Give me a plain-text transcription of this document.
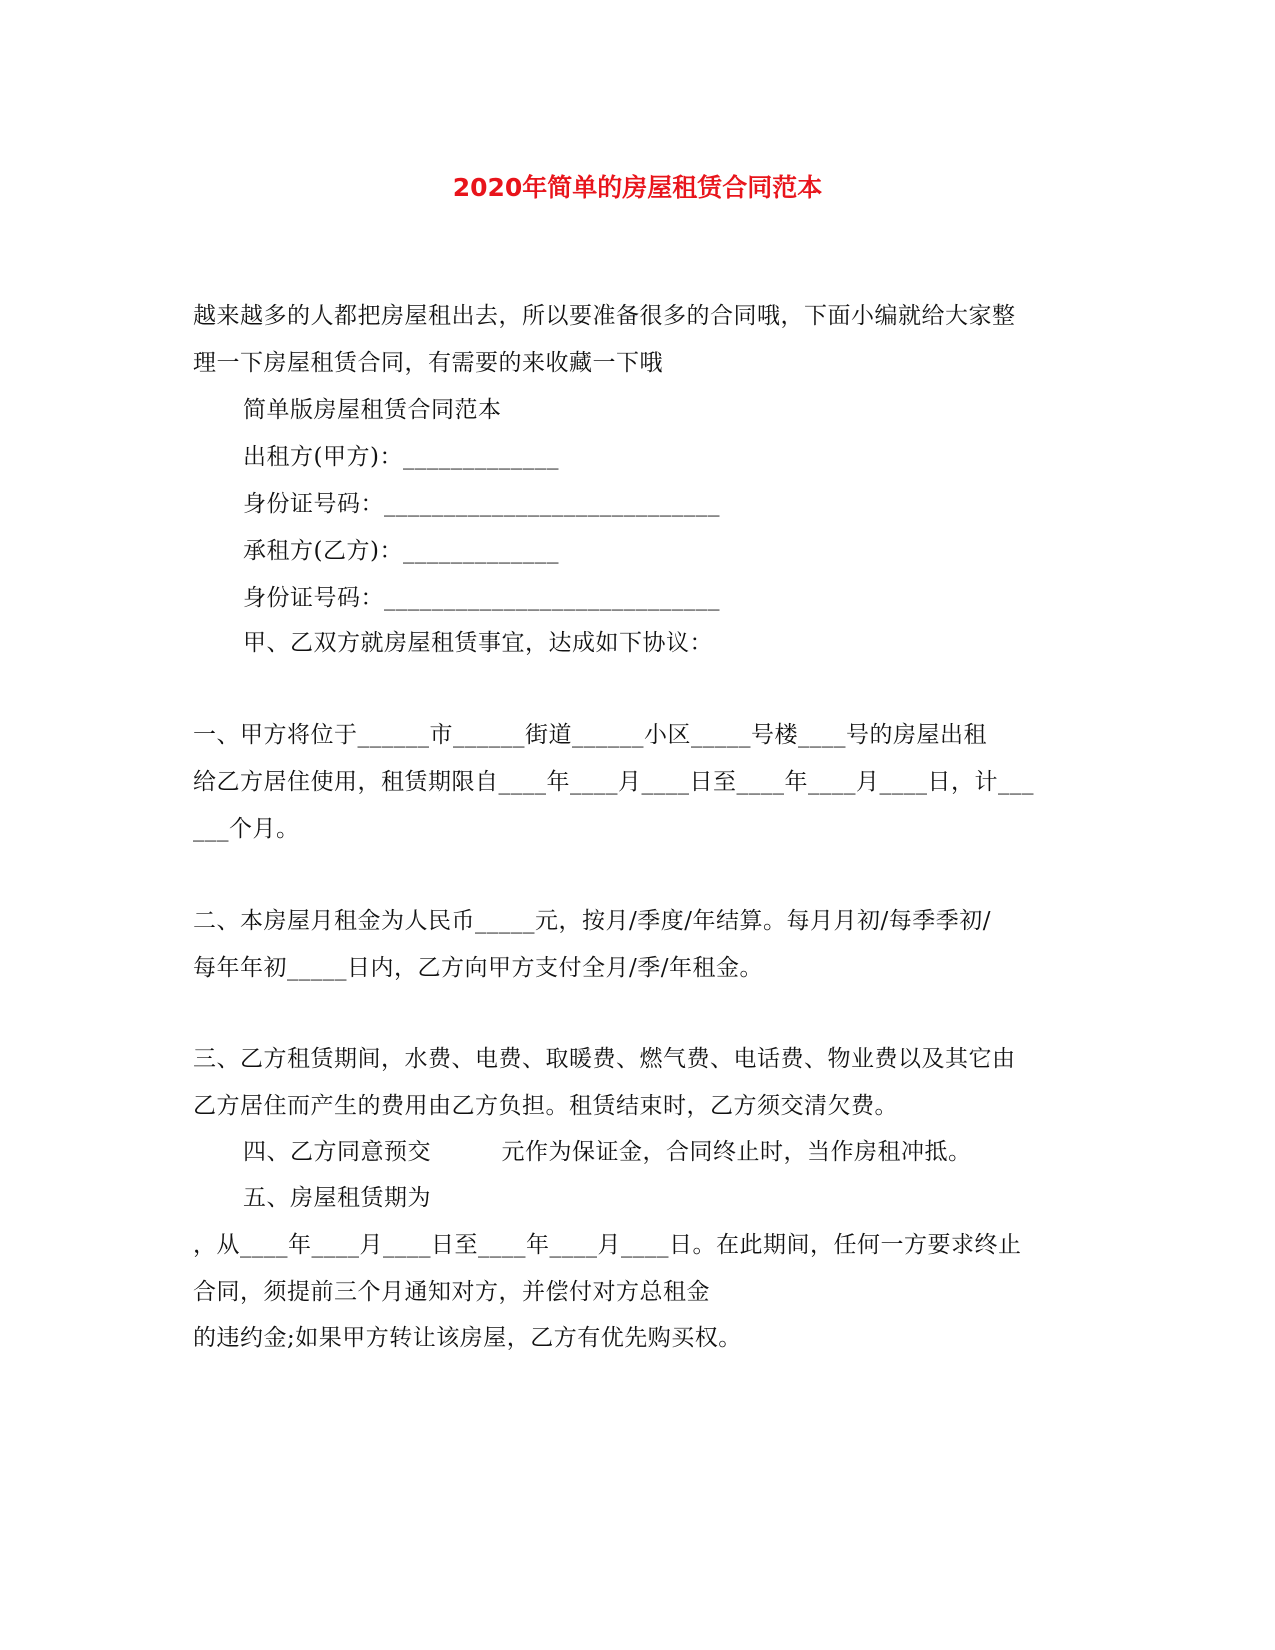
2020年简单的房屋租赁合同范本
越来越多的人都把房屋租出去，所以要准备很多的合同哦，下面小编就给大家整
理一下房屋租赁合同，有需要的来收藏一下哦
简单版房屋租赁合同范本
出租方(甲方)：_____________
身份证号码：____________________________
承租方(乙方)：_____________
身份证号码：____________________________
甲、乙双方就房屋租赁事宜，达成如下协议：
一、甲方将位于______市______街道______小区_____号楼____号的房屋出租
给乙方居住使用，租赁期限自____年____月____日至____年____月____日，计___
___个月。
二、本房屋月租金为人民币_____元，按月/季度/年结算。每月月初/每季季初/
每年年初_____日内，乙方向甲方支付全月/季/年租金。
三、乙方租赁期间，水费、电费、取暖费、燃气费、电话费、物业费以及其它由
乙方居住而产生的费用由乙方负担。租赁结束时，乙方须交清欠费。
四、乙方同意预交　　　元作为保证金，合同终止时，当作房租冲抵。
五、房屋租赁期为
，从____年____月____日至____年____月____日。在此期间，任何一方要求终止
合同，须提前三个月通知对方，并偿付对方总租金
的违约金;如果甲方转让该房屋，乙方有优先购买权。
